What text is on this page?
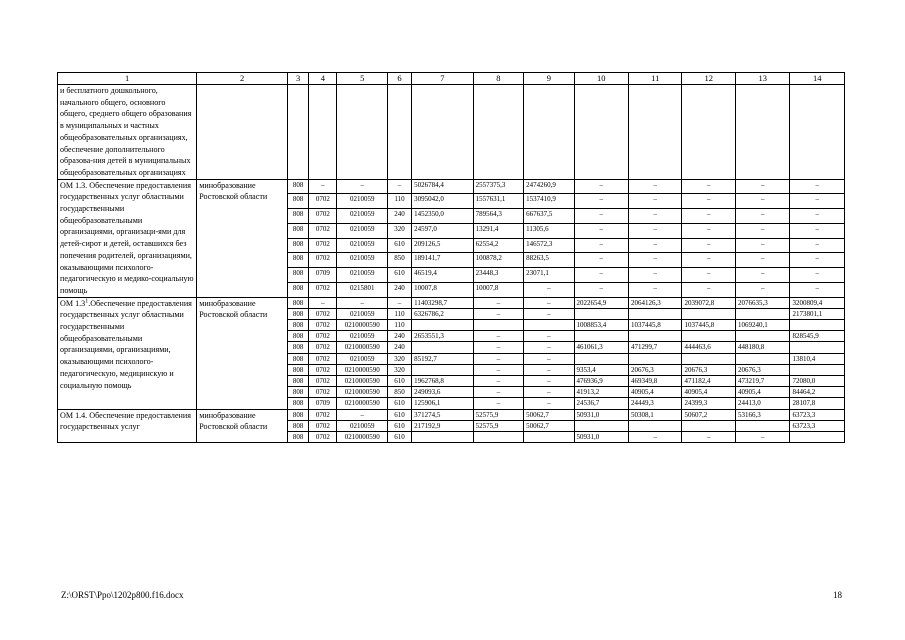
1	2	3	4	5	6	7	8	9	10	11	12	13	14
и бесплатного дошкольного, начального общего, основного общего, среднего общего образования в муниципальных и частных общеобразовательных организациях, обеспечение дополнительного образова-ния детей в муниципальных общеобразовательных организациях													
ОМ 1.3. Обеспечение предоставления государственных услуг областными государственными общеобразовательными организациями, организаци-ями для детей-сирот и детей, оставшихся без попечения родителей, организациями, оказывающими психолого-педагогическую и медико-социальную помощь	минобразование Ростовской области	808	–	–	–	5026784,4	2557375,3	2474260,9	–	–	–	–	–
		808	0702	0210059	110	3095042,0	1557631,1	1537410,9	–	–	–	–	–
		808	0702	0210059	240	1452350,0	789564,3	667637,5	–	–	–	–	–
		808	0702	0210059	320	24597,0	13291,4	11305,6	–	–	–	–	–
		808	0702	0210059	610	209126,5	62554,2	146572,3	–	–	–	–	–
		808	0702	0210059	850	189141,7	100878,2	88263,5	–	–	–	–	–
		808	0709	0210059	610	46519,4	23448,3	23071,1	–	–	–	–	–
		808	0702	0215801	240	10007,8	10007,8	–	–	–	–	–	–
ОМ $1.3^1.Обеспечение$ предоставления государственных услуг областными государственными общеобразовательными организациями, организациями, оказывающими психолого-педагогическую, медицинскую и социальную помощь	минобразование Ростовской области	808	–	–	–	11403298,7	–	–	2022654,9	2064126,3	2039072,8	2076635,3	3200809,4
		808	0702	0210059	110	6326786,2	–	–					2173801,1
		808	0702	0210000590	110				1008853,4	1037445,8	1037445,8	1069240,1	
		808	0702	0210059	240	2653551,3	–	–					828545,9
		808	0702	0210000590	240		–	–	461061,3	471299,7	444463,6	448180,8	
		808	0702	0210059	320	85192,7	–	–					13810,4
		808	0702	0210000590	320		–	–	9353,4	20676,3	20676,3	20676,3	
		808	0702	0210000590	610	1962768,8	–	–	476936,9	469349,8	471182,4	473219,7	72080,0
		808	0702	0210000590	850	249093,6	–	–	41913,2	40905,4	40905,4	40905,4	84464,2
		808	0709	0210000590	610	125906,1	–	–	24536,7	24449,3	24399,3	24413,0	28107,8
ОМ 1.4. Обеспечение предоставления государственных услуг	минобразование Ростовской области	808	0702	–	610	371274,5	52575,9	50062,7	50931,0	50308,1	50607,2	53166,3	63723,3
		808	0702	0210059	610	217192,9	52575,9	50062,7					63723,3
		808	0702	0210000590	610				50931,0	–	–	–	
Z:\ORST\Ppo\1202p800.f16.docx	18
